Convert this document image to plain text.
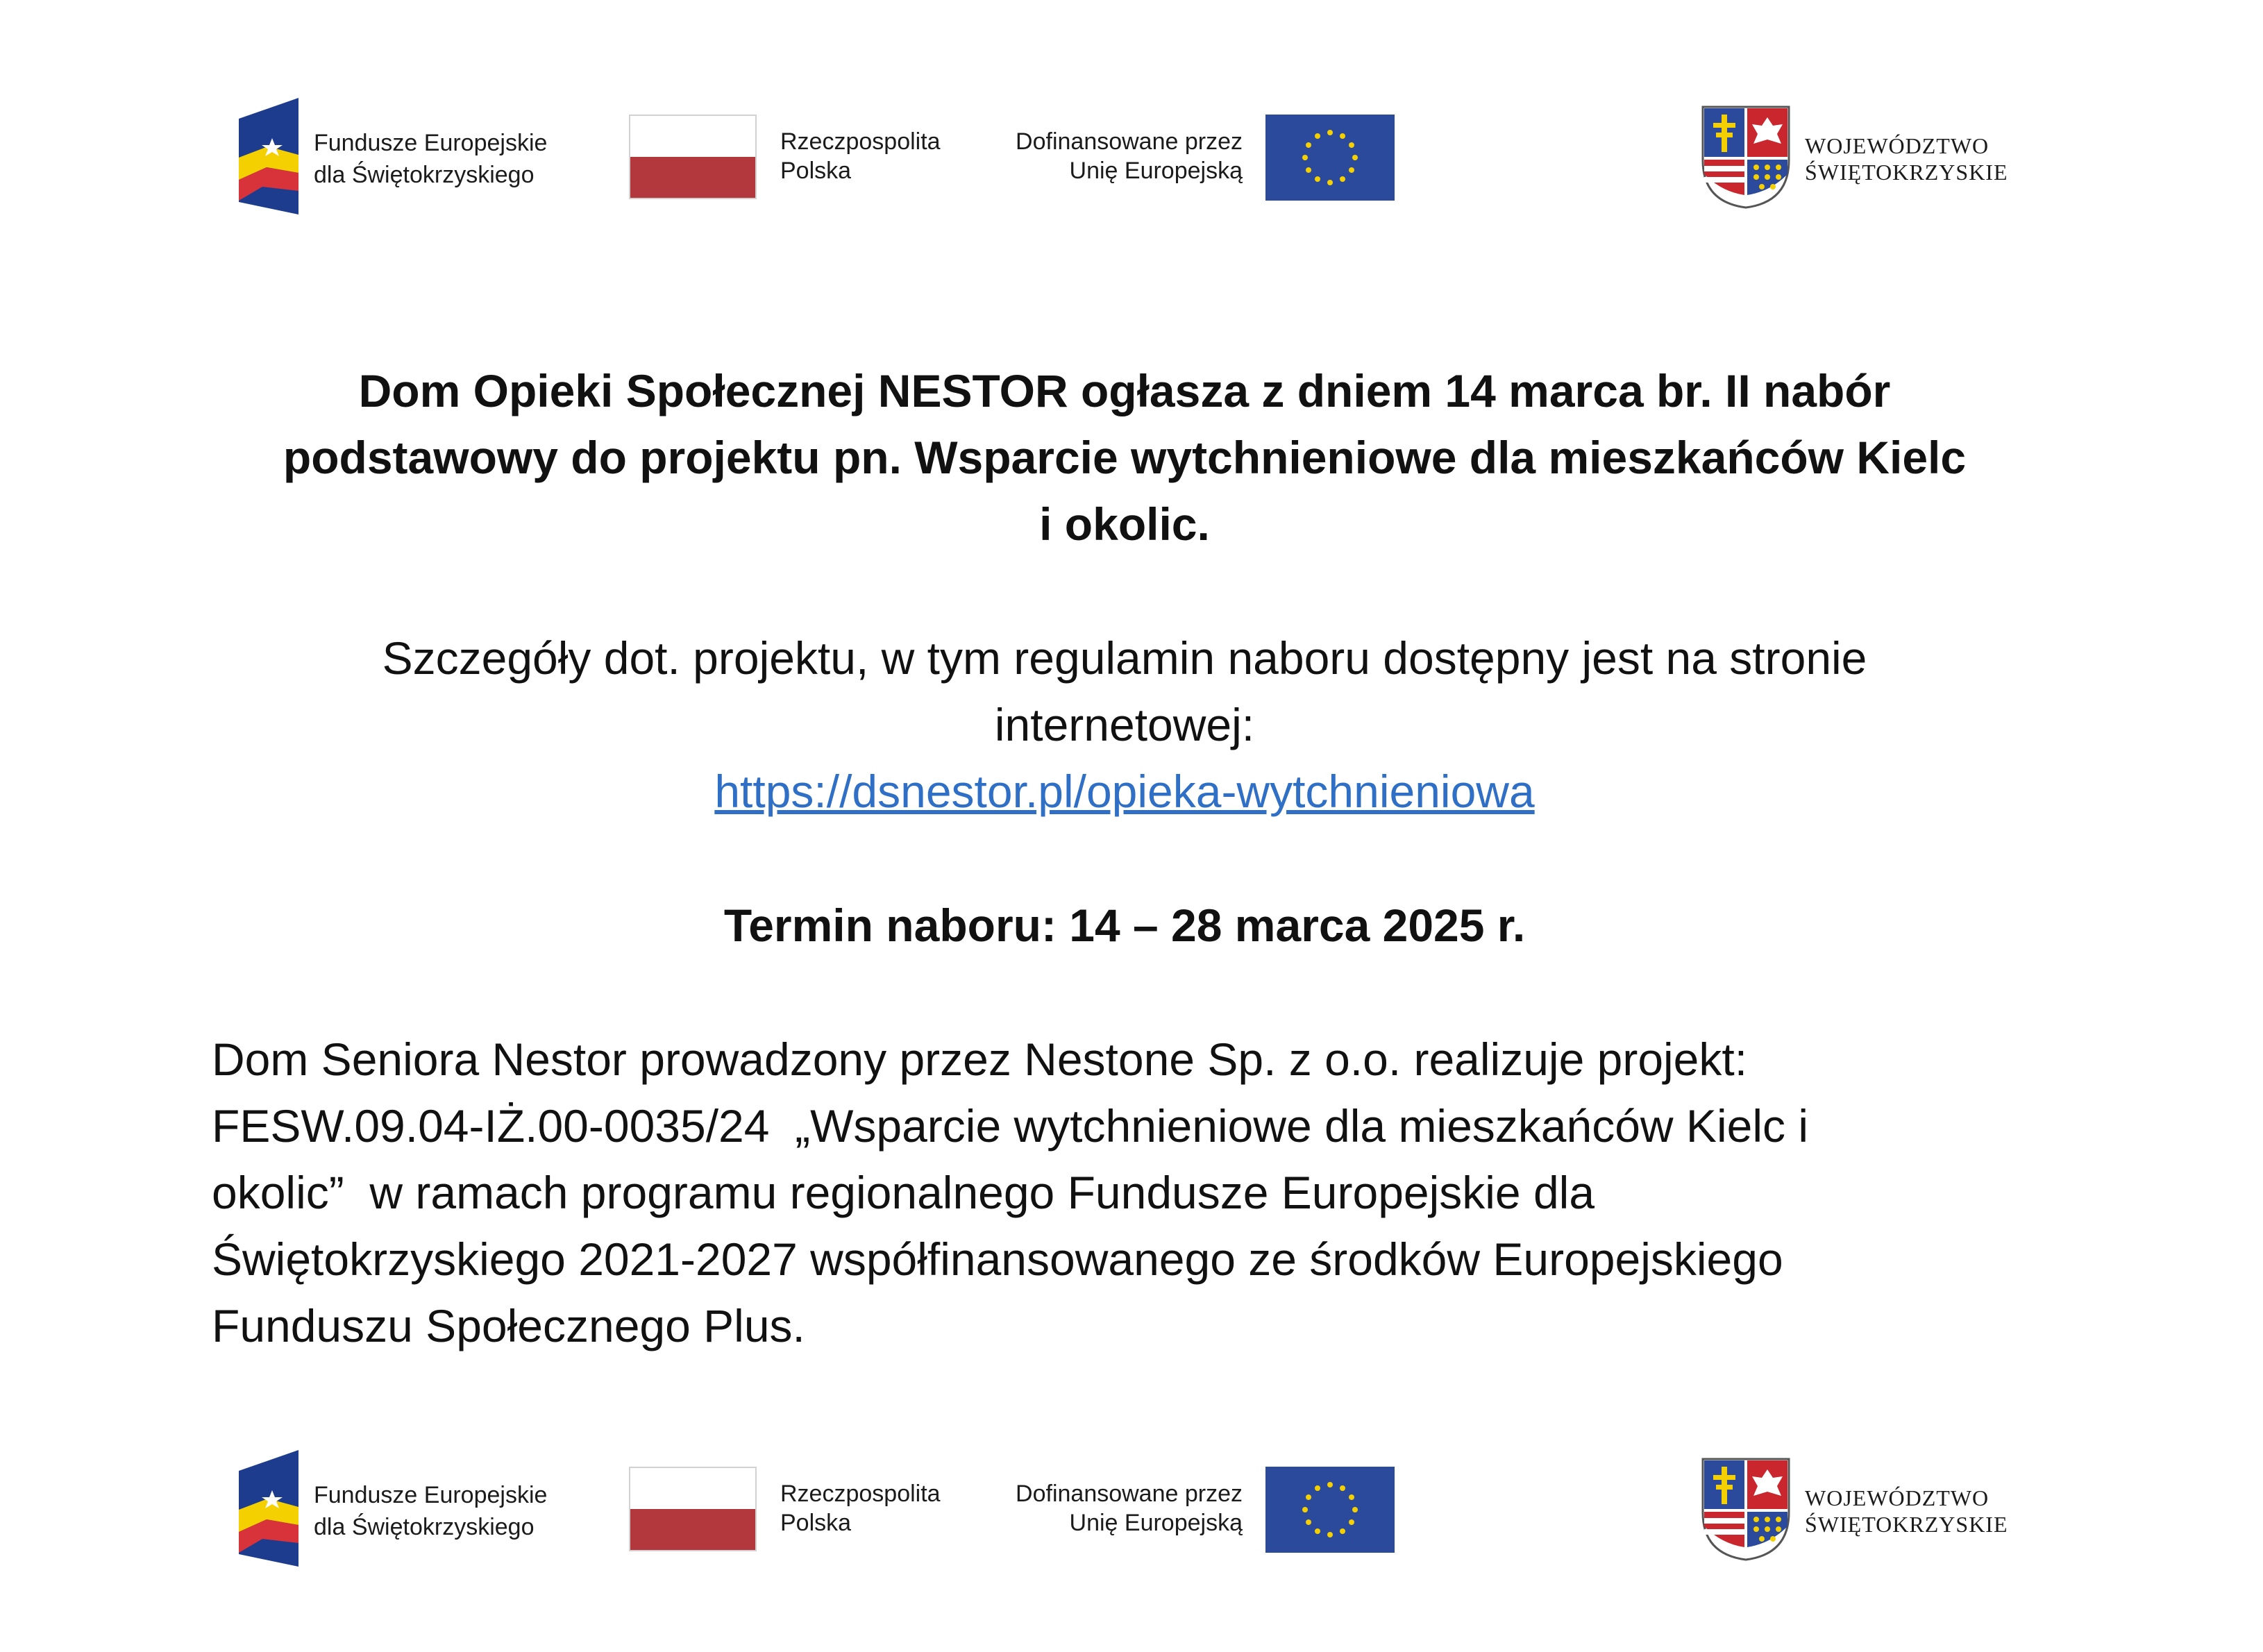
Fundusze Europejskie
dla Świętokrzyskiego
Rzeczpospolita
Polska
Dofinansowane przez
Unię Europejską
WOJEWÓDZTWO
ŚWIĘTOKRZYSKIE
Dom Opieki Społecznej NESTOR ogłasza z dniem 14 marca br. II nabór
podstawowy do projektu pn. Wsparcie wytchnieniowe dla mieszkańców Kielc
i okolic.
Szczegóły dot. projektu, w tym regulamin naboru dostępny jest na stronie
internetowej:
https://dsnestor.pl/opieka-wytchnieniowa
Termin naboru: 14 – 28 marca 2025 r.
Dom Seniora Nestor prowadzony przez Nestone Sp. z o.o. realizuje projekt:
FESW.09.04-IŻ.00-0035/24  „Wsparcie wytchnieniowe dla mieszkańców Kielc i
okolic”  w ramach programu regionalnego Fundusze Europejskie dla
Świętokrzyskiego 2021-2027 współfinansowanego ze środków Europejskiego
Funduszu Społecznego Plus.
Fundusze Europejskie
dla Świętokrzyskiego
Rzeczpospolita
Polska
Dofinansowane przez
Unię Europejską
WOJEWÓDZTWO
ŚWIĘTOKRZYSKIE
